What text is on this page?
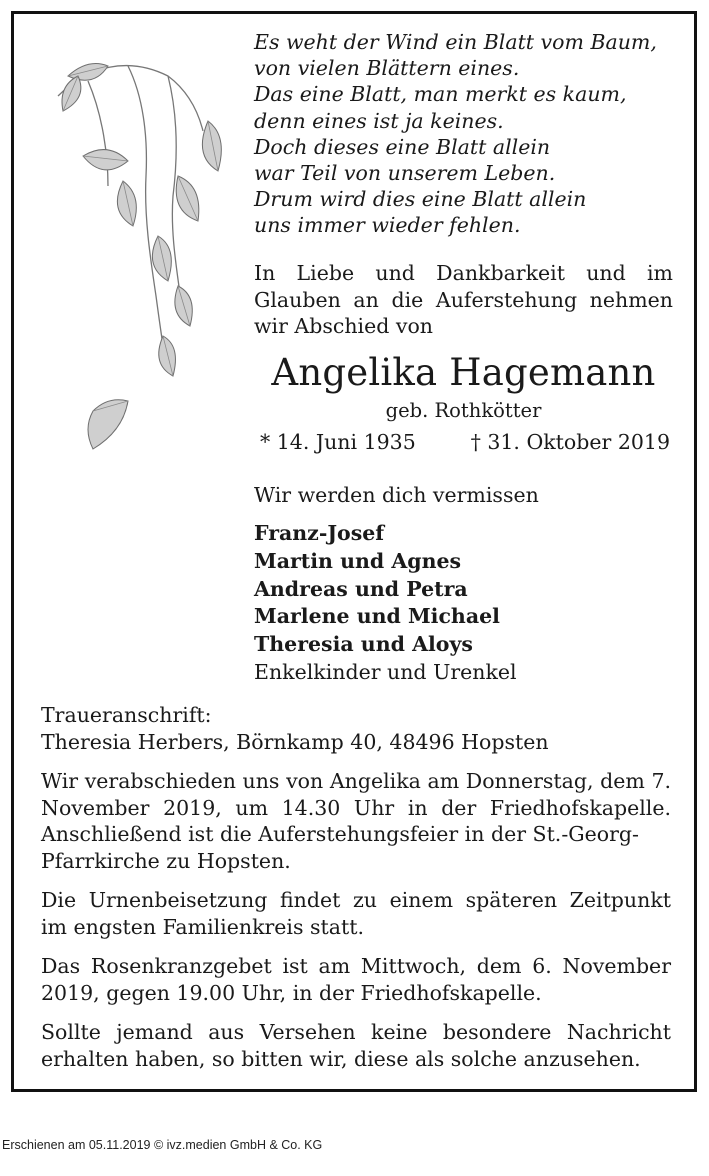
Es weht der Wind ein Blatt vom Baum,
von vielen Blättern eines.
Das eine Blatt, man merkt es kaum,
denn eines ist ja keines.
Doch dieses eine Blatt allein
war Teil von unserem Leben.
Drum wird dies eine Blatt allein
uns immer wieder fehlen.
In Liebe und Dankbarkeit und im
Glauben an die Auferstehung nehmen
wir Abschied von
Angelika Hagemann
geb. Rothkötter
* 14. Juni 1935	† 31. Oktober 2019
Wir werden dich vermissen
Franz-Josef
Martin und Agnes
Andreas und Petra
Marlene und Michael
Theresia und Aloys
Enkelkinder und Urenkel

Traueranschrift:
Theresia Herbers, Börnkamp 40, 48496 Hopsten

Wir verabschieden uns von Angelika am Donnerstag, dem 7. November 2019, um 14.30 Uhr in der Friedhofskapelle. Anschließend ist die Auferstehungsfeier in der St.-Georg-
Pfarrkirche zu Hopsten.

Die Urnenbeisetzung findet zu einem späteren Zeitpunkt
im engsten Familienkreis statt.

Das Rosenkranzgebet ist am Mittwoch, dem 6. November
2019, gegen 19.00 Uhr, in der Friedhofskapelle.

Sollte jemand aus Versehen keine besondere Nachricht
erhalten haben, so bitten wir, diese als solche anzusehen.

Erschienen am 05.11.2019 © ivz.medien GmbH & Co. KG
